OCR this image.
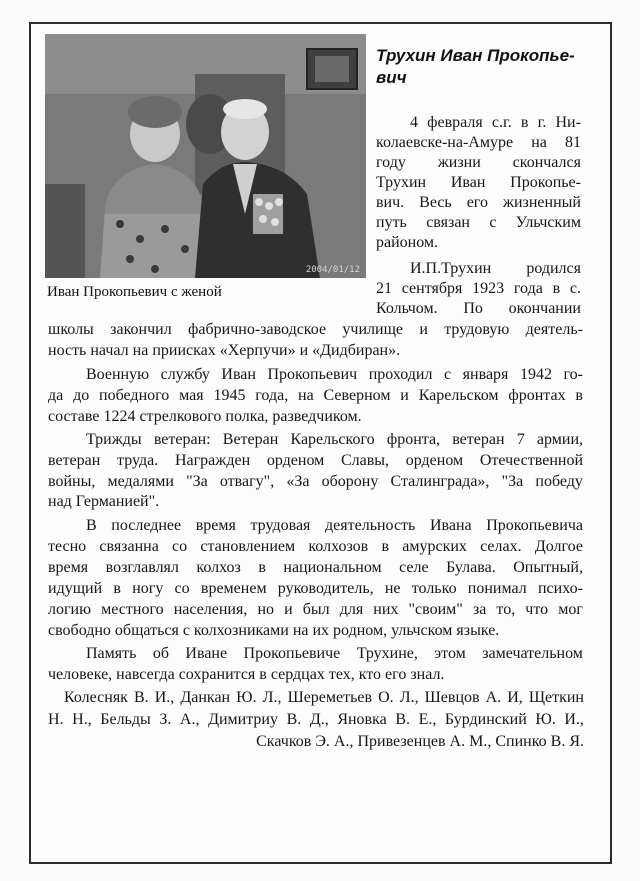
2004/01/12
Иван Прокопьевич с женой
Трухин Иван Прокопье-
вич
4 февраля с.г. в г. Ни-
колаевске-на-Амуре на 81
году жизни скончался
Трухин Иван Прокопье-
вич. Весь его жизненный
путь связан с Ульчским
районом.
И.П.Трухин родился
21 сентября 1923 года в с.
Кольчом. По окончании
школы закончил фабрично-заводское училище и трудовую деятель-
ность начал на приисках «Херпучи» и «Дидбиран».
Военную службу Иван Прокопьевич проходил с января 1942 го-
да до победного мая 1945 года, на Северном и Карельском фронтах в
составе 1224 стрелкового полка, разведчиком.
Трижды ветеран: Ветеран Карельского фронта, ветеран 7 армии,
ветеран труда. Награжден орденом Славы, орденом Отечественной
войны, медалями "За отвагу", «За оборону Сталинграда», "За победу
над Германией".
В последнее время трудовая деятельность Ивана Прокопьевича
тесно связанна со становлением колхозов в амурских селах. Долгое
время возглавлял колхоз в национальном селе Булава. Опытный,
идущий в ногу со временем руководитель, не только понимал психо-
логию местного населения, но и был для них "своим" за то, что мог
свободно общаться с колхозниками на их родном, ульчском языке.
Память об Иване Прокопьевиче Трухине, этом замечательном
человеке, навсегда сохранится в сердцах тех, кто его знал.
Колесняк В. И., Данкан Ю. Л., Шереметьев О. Л., Шевцов А. И, Щеткин
Н. Н., Бельды З. А., Димитриу В. Д., Яновка В. Е., Бурдинский Ю. И.,
Скачков Э. А., Привезенцев А. М., Спинко В. Я.
